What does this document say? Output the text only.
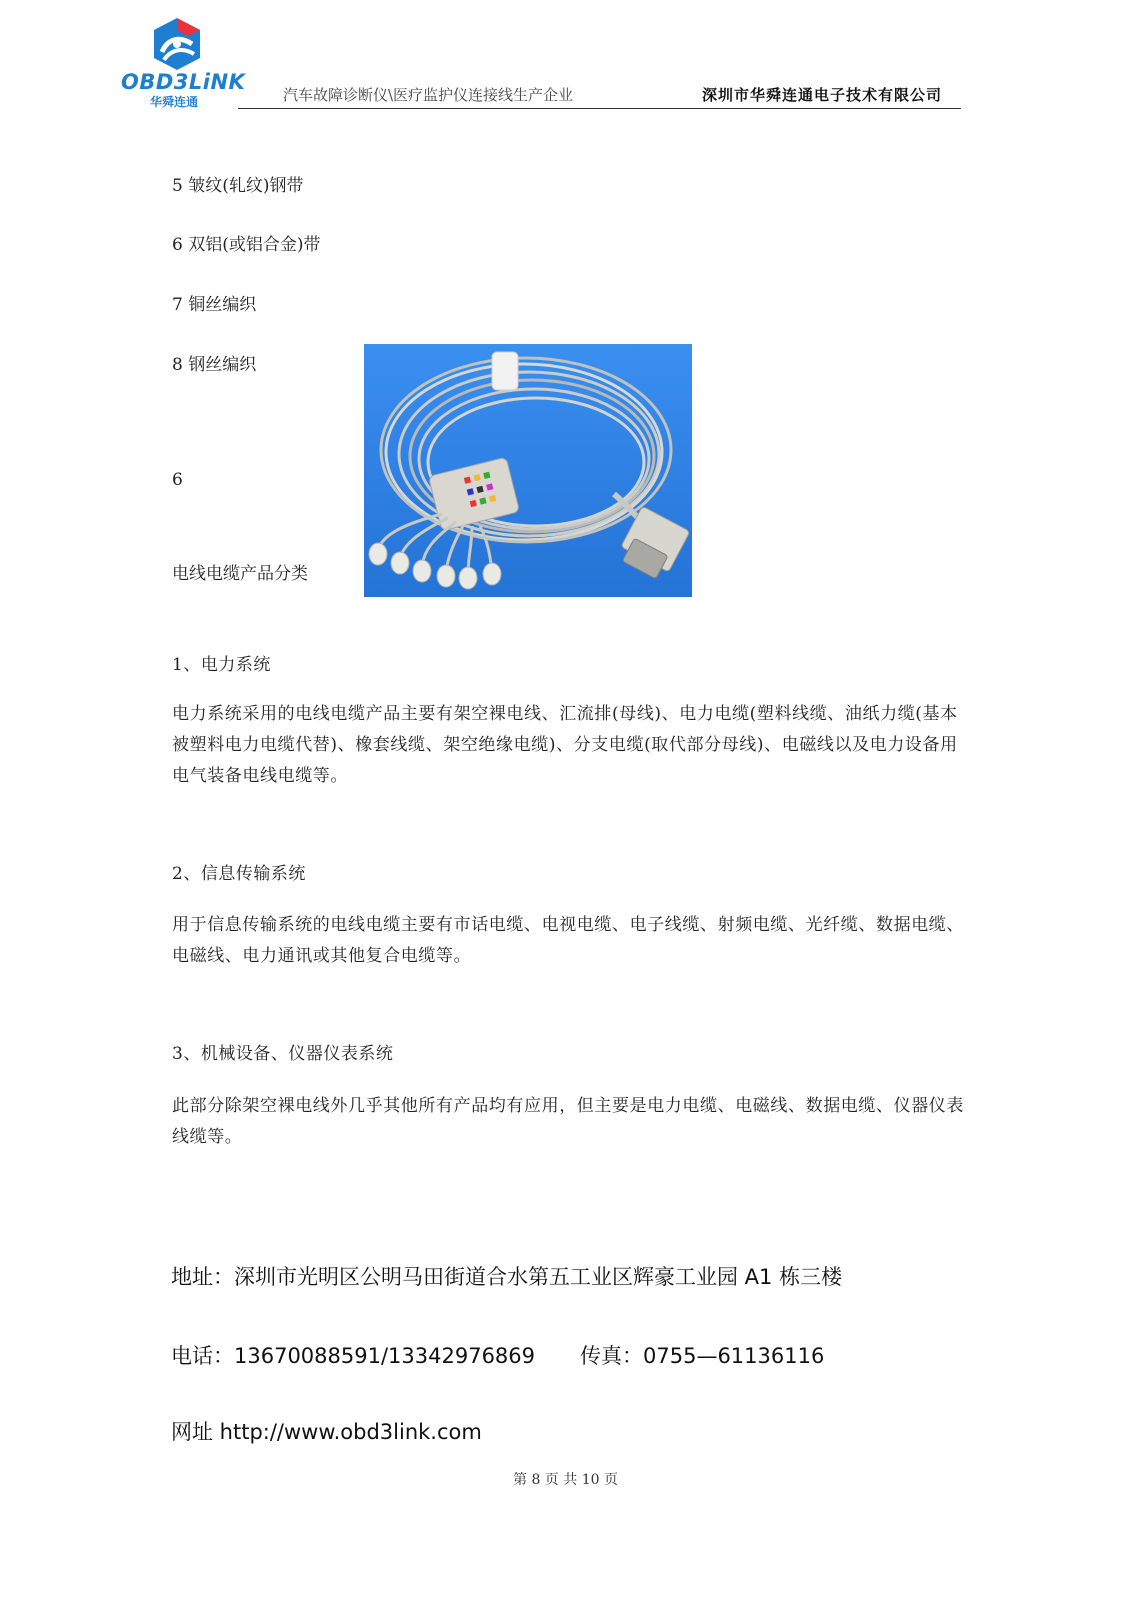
OBD3LiNK
华舜连通	汽车故障诊断仪\医疗监护仪连接线生产企业	深圳市华舜连通电子技术有限公司
5 皱纹(轧纹)钢带
6 双铝(或铝合金)带
7 铜丝编织
8 钢丝编织
6
电线电缆产品分类
1、电力系统
电力系统采用的电线电缆产品主要有架空裸电线、汇流排(母线)、电力电缆(塑料线缆、油纸力缆(基本被塑料电力电缆代替)、橡套线缆、架空绝缘电缆)、分支电缆(取代部分母线)、电磁线以及电力设备用电气装备电线电缆等。
2、信息传输系统
用于信息传输系统的电线电缆主要有市话电缆、电视电缆、电子线缆、射频电缆、光纤缆、数据电缆、电磁线、电力通讯或其他复合电缆等。
3、机械设备、仪器仪表系统
此部分除架空裸电线外几乎其他所有产品均有应用，但主要是电力电缆、电磁线、数据电缆、仪器仪表线缆等。
地址：深圳市光明区公明马田街道合水第五工业区辉豪工业园 A1 栋三楼
电话：13670088591/13342976869 传真：0755—61136116
网址 http://www.obd3link.com
第 8 页 共 10 页
